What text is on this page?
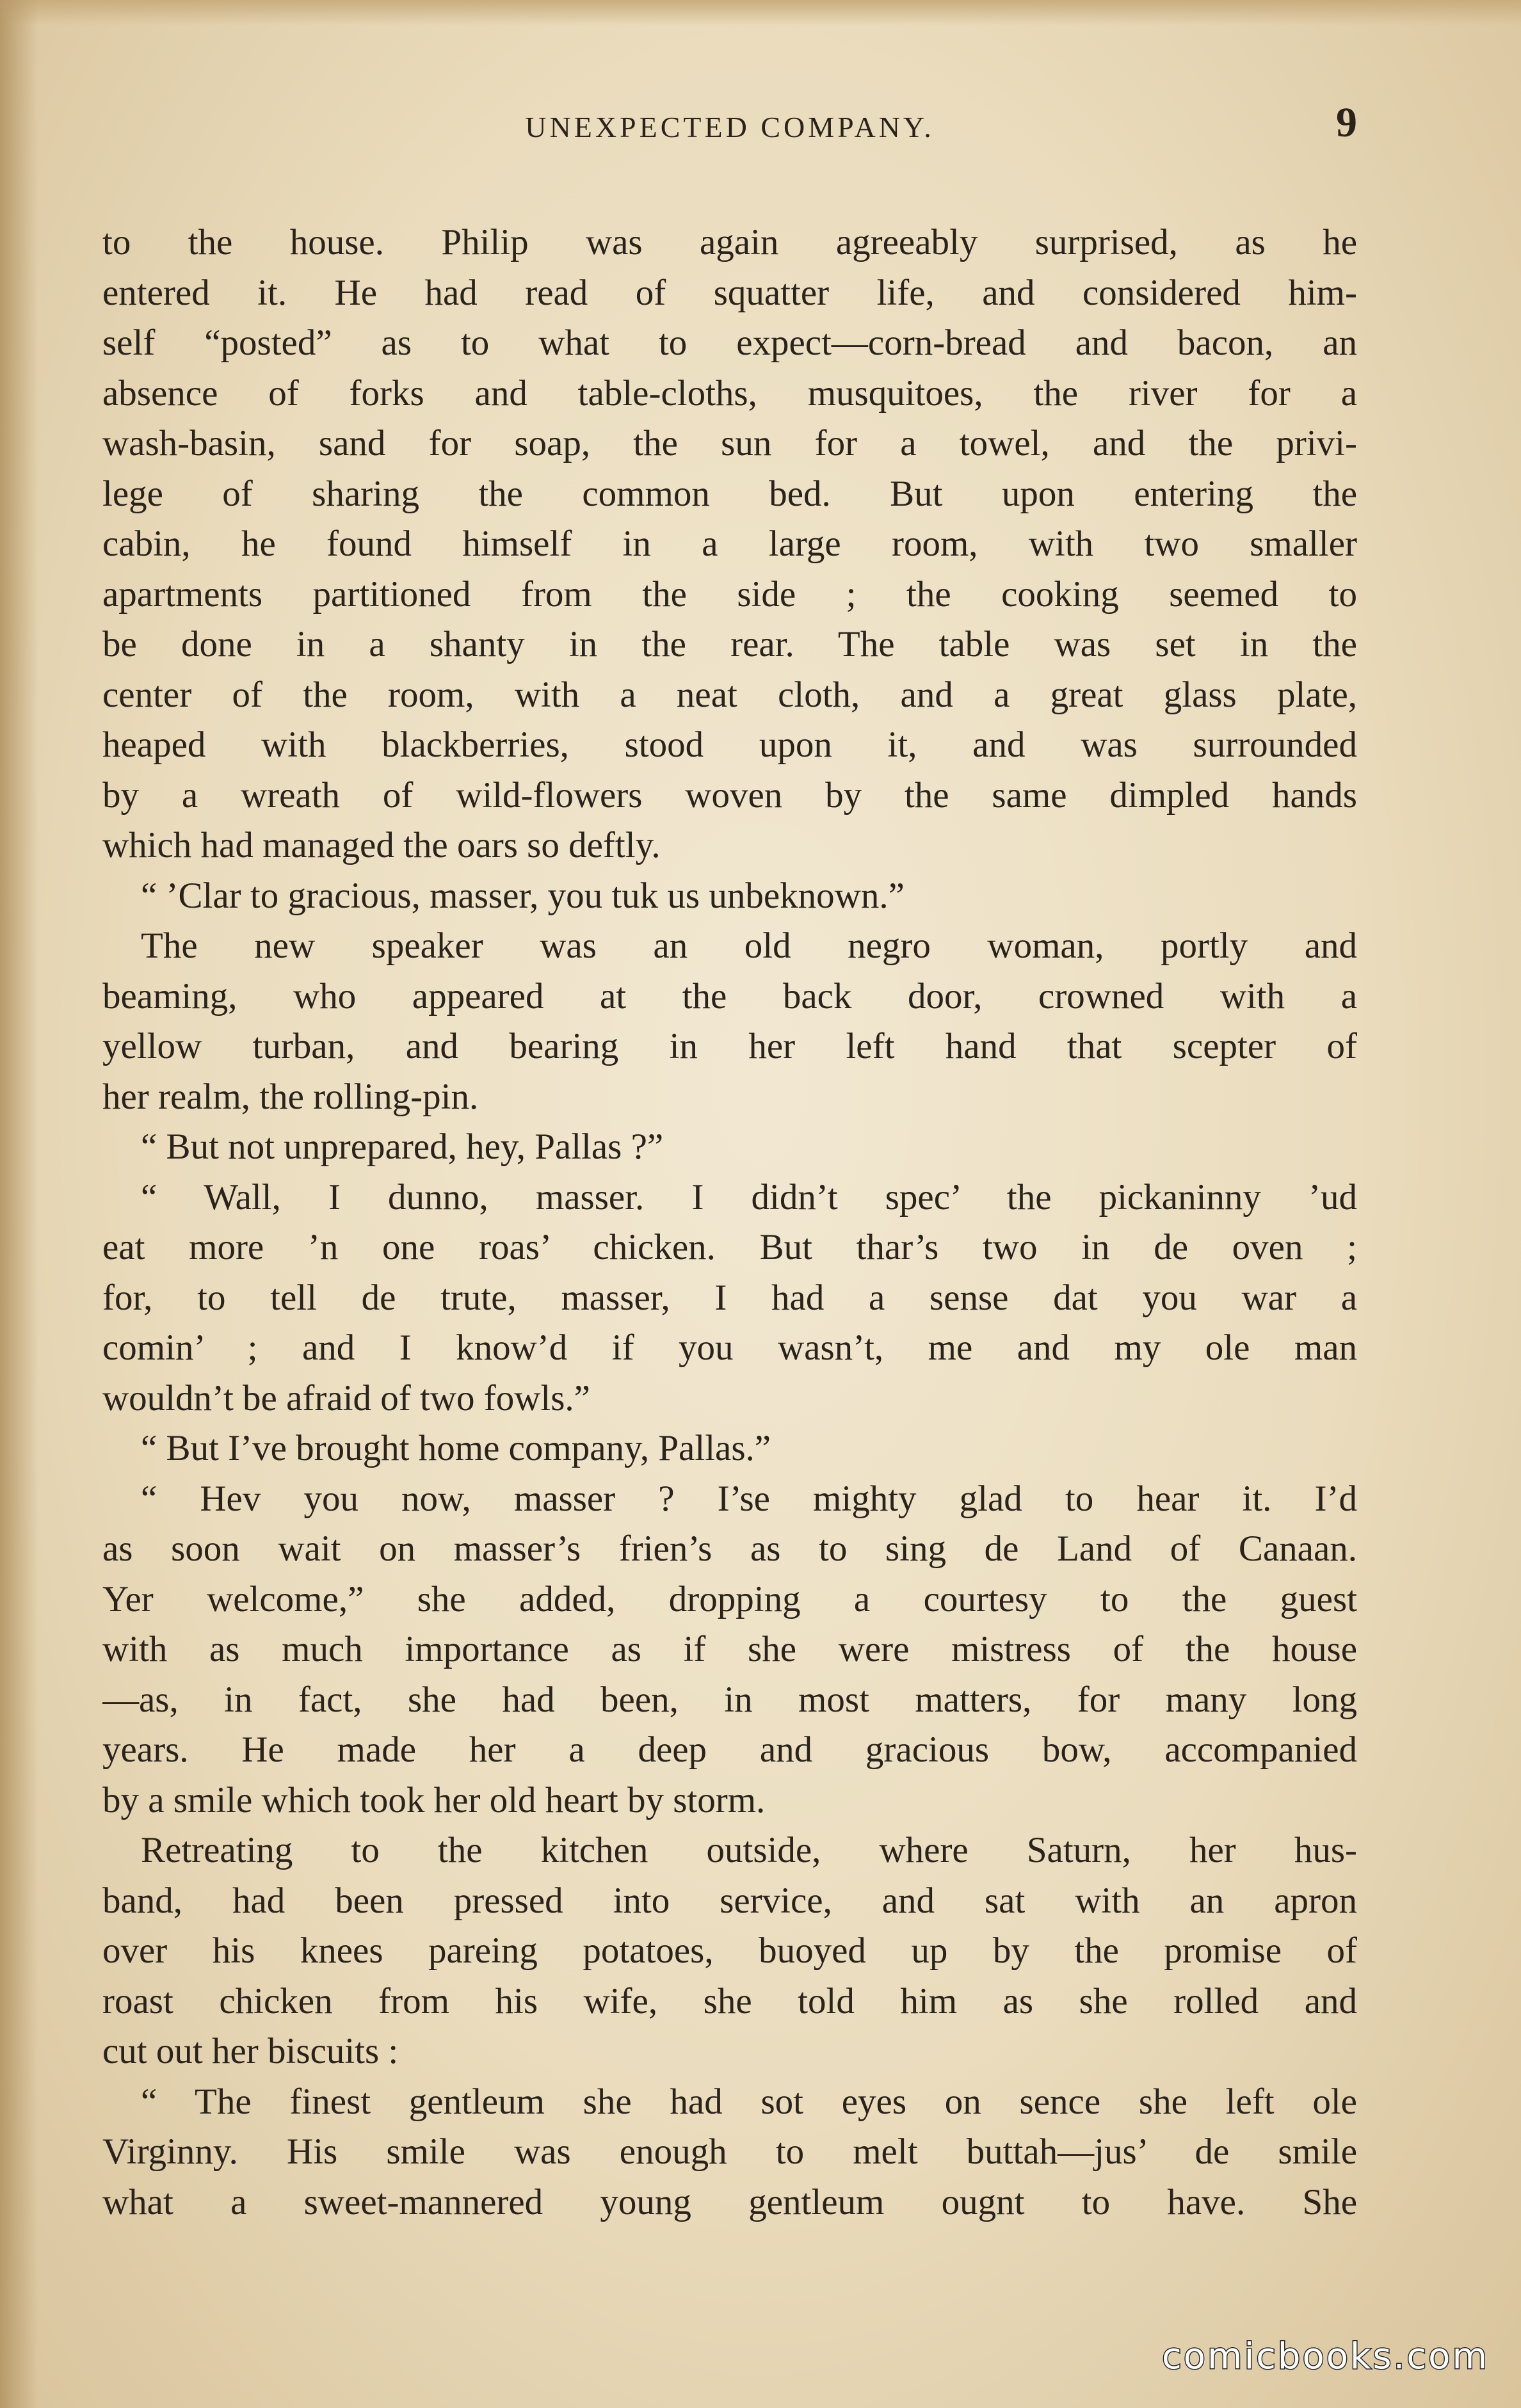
UNEXPECTED COMPANY.	9
to the house. Philip was again agreeably surprised, as he
entered it. He had read of squatter life, and considered him-
self “posted” as to what to expect—corn-bread and bacon, an
absence of forks and table-cloths, musquitoes, the river for a
wash-basin, sand for soap, the sun for a towel, and the privi-
lege of sharing the common bed. But upon entering the
cabin, he found himself in a large room, with two smaller
apartments partitioned from the side ; the cooking seemed to
be done in a shanty in the rear. The table was set in the
center of the room, with a neat cloth, and a great glass plate,
heaped with blackberries, stood upon it, and was surrounded
by a wreath of wild-flowers woven by the same dimpled hands
which had managed the oars so deftly.
“ ’Clar to gracious, masser, you tuk us unbeknown.”
The new speaker was an old negro woman, portly and
beaming, who appeared at the back door, crowned with a
yellow turban, and bearing in her left hand that scepter of
her realm, the rolling-pin.
“ But not unprepared, hey, Pallas ?”
“ Wall, I dunno, masser. I didn’t spec’ the pickaninny ’ud
eat more ’n one roas’ chicken. But thar’s two in de oven ;
for, to tell de trute, masser, I had a sense dat you war a
comin’ ; and I know’d if you wasn’t, me and my ole man
wouldn’t be afraid of two fowls.”
“ But I’ve brought home company, Pallas.”
“ Hev you now, masser ? I’se mighty glad to hear it. I’d
as soon wait on masser’s frien’s as to sing de Land of Canaan.
Yer welcome,” she added, dropping a courtesy to the guest
with as much importance as if she were mistress of the house
—as, in fact, she had been, in most matters, for many long
years. He made her a deep and gracious bow, accompanied
by a smile which took her old heart by storm.
Retreating to the kitchen outside, where Saturn, her hus-
band, had been pressed into service, and sat with an apron
over his knees pareing potatoes, buoyed up by the promise of
roast chicken from his wife, she told him as she rolled and
cut out her biscuits :
“ The finest gentleum she had sot eyes on sence she left ole
Virginny. His smile was enough to melt buttah—jus’ de smile
what a sweet-mannered young gentleum ougnt to have. She
comicbooks.com
